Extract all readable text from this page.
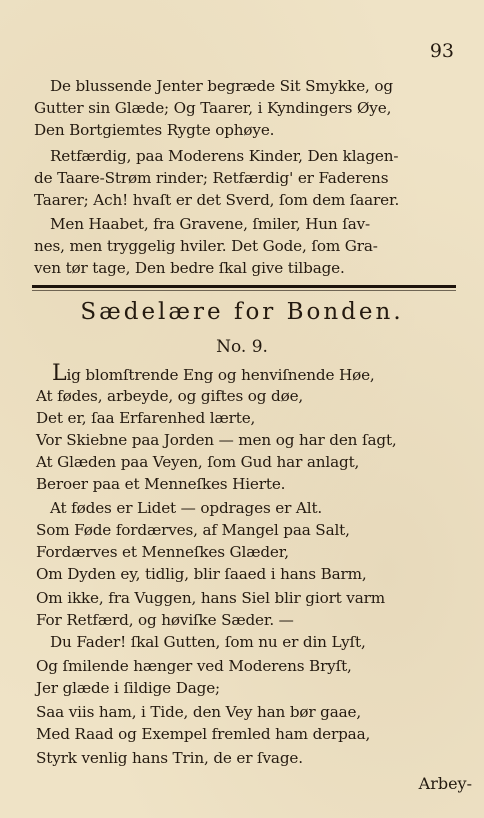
93
De blussende Jenter begræde Sit Smykke, og
Gutter sin Glæde; Og Taarer, i Kyndingers Øye,
Den Bortgiemtes Rygte ophøye.
Retfærdig, paa Moderens Kinder, Den klagen-
de Taare-Strøm rinder; Retfærdig' er Faderens
Taarer; Ach! hvaſt er det Sverd, ſom dem ſaarer.
Men Haabet, fra Gravene, ſmiler, Hun ſav-
nes, men tryggelig hviler. Det Gode, ſom Gra-
ven tør tage, Den bedre ſkal give tilbage.
Sædelære for Bonden.
No. 9.
Lig blomſtrende Eng og henviſnende Høe,
At fødes, arbeyde, og giftes og døe,
Det er, ſaa Erfarenhed lærte,
Vor Skiebne paa Jorden — men og har den ſagt,
At Glæden paa Veyen, ſom Gud har anlagt,
Beroer paa et Menneſkes Hierte.
At fødes er Lidet — opdrages er Alt.
Som Føde fordærves, af Mangel paa Salt,
Fordærves et Menneſkes Glæder,
Om Dyden ey, tidlig, blir ſaaed i hans Barm,
Om ikke, fra Vuggen, hans Siel blir giort varm
For Retfærd, og høviſke Sæder. —
Du Fader! ſkal Gutten, ſom nu er din Lyſt,
Og ſmilende hænger ved Moderens Bryſt,
Jer glæde i ſildige Dage;
Saa viis ham, i Tide, den Vey han bør gaae,
Med Raad og Exempel fremled ham derpaa,
Styrk venlig hans Trin, de er ſvage.
Arbey-
